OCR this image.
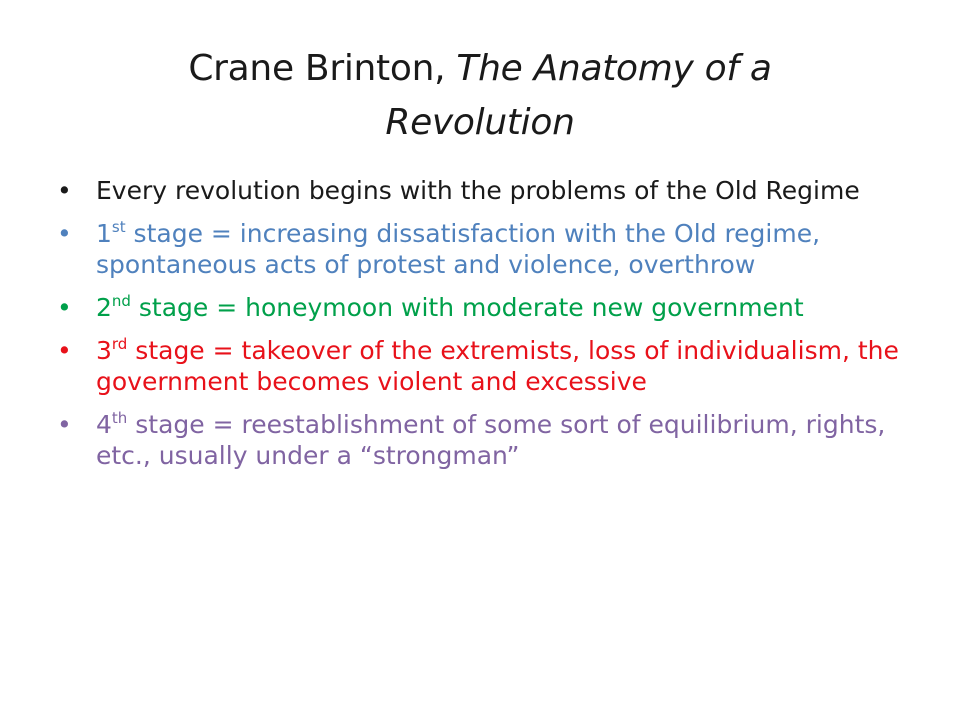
Crane Brinton, The Anatomy of a
Revolution
• Every revolution begins with the problems of the Old Regime
• 1st stage = increasing dissatisfaction with the Old regime, spontaneous acts of protest and violence, overthrow
• 2nd stage = honeymoon with moderate new government
• 3rd stage = takeover of the extremists, loss of individualism, the government becomes violent and excessive
• 4th stage = reestablishment of some sort of equilibrium, rights, etc., usually under a “strongman”
